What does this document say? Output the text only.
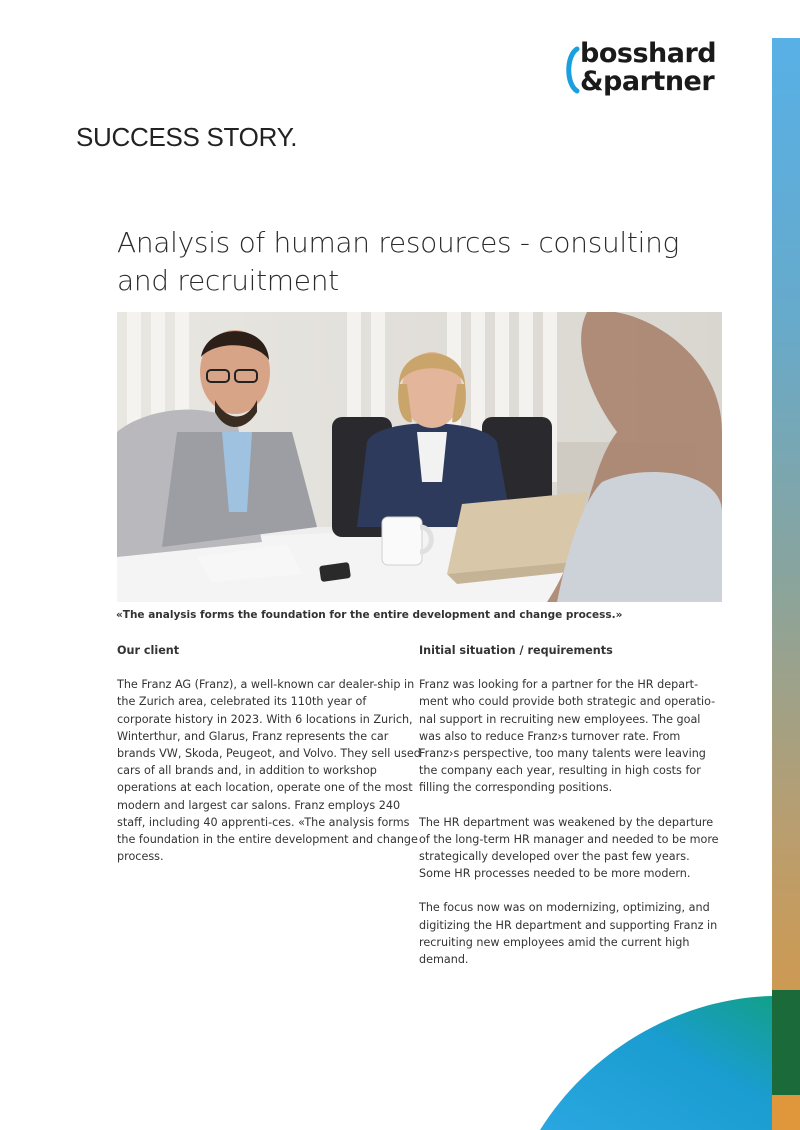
bosshard
&partner
SUCCESS STORY.
Analysis of human resources - consulting and recruitment
«The analysis forms the foundation for the entire development and change process.»
Our client

The Franz AG (Franz), a well-known car dealer-ship in the Zurich area, celebrated its 110th year of corporate history in 2023. With 6 locations in Zurich, Winterthur, and Glarus, Franz represents the car brands VW, Skoda, Peugeot, and Volvo. They sell used cars of all brands and, in addition to workshop operations at each location, operate one of the most modern and largest car salons. Franz employs 240 staff, including 40 apprenti-ces. «The analysis forms the foundation in the entire development and change process.

Initial situation / requirements

Franz was looking for a partner for the HR depart-ment who could provide both strategic and operatio-nal support in recruiting new employees. The goal was also to reduce Franz›s turnover rate. From Franz›s perspective, too many talents were leaving the company each year, resulting in high costs for filling the corresponding positions.

The HR department was weakened by the departure of the long-term HR manager and needed to be more strategically developed over the past few years. Some HR processes needed to be more modern.

The focus now was on modernizing, optimizing, and digitizing the HR department and supporting Franz in recruiting new employees amid the current high demand.
